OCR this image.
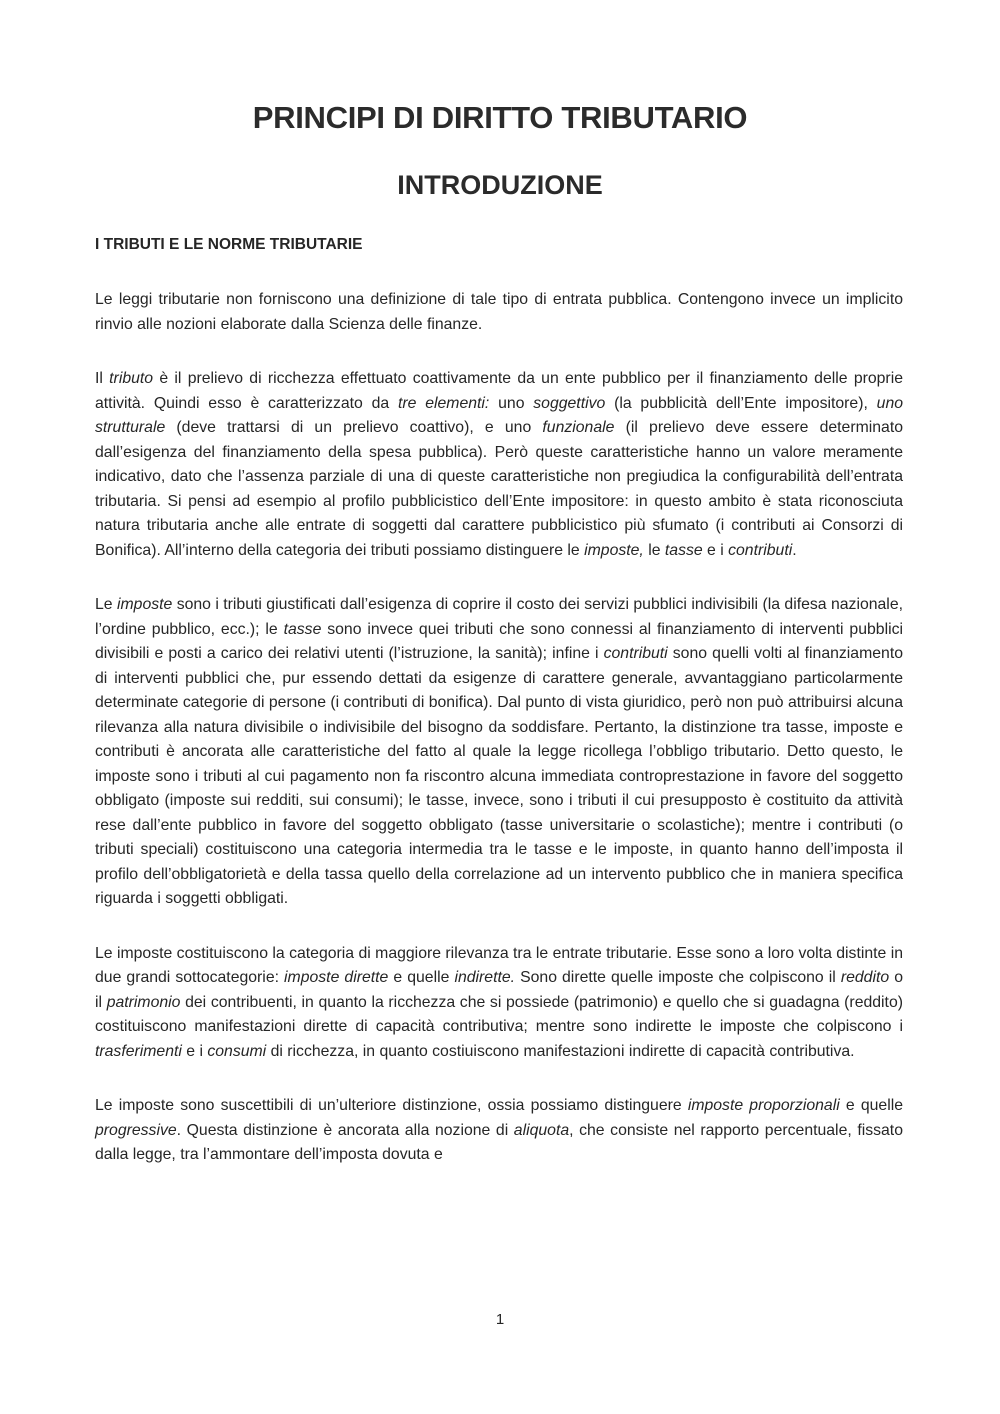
PRINCIPI DI DIRITTO TRIBUTARIO
INTRODUZIONE
I TRIBUTI E LE NORME TRIBUTARIE

Le leggi tributarie non forniscono una definizione di tale tipo di entrata pubblica. Contengono invece un implicito rinvio alle nozioni elaborate dalla Scienza delle finanze.

Il tributo è il prelievo di ricchezza effettuato coattivamente da un ente pubblico per il finanziamento delle proprie attività. Quindi esso è caratterizzato da tre elementi: uno soggettivo (la pubblicità dell’Ente impositore), uno strutturale (deve trattarsi di un prelievo coattivo), e uno funzionale (il prelievo deve essere determinato dall’esigenza del finanziamento della spesa pubblica). Però queste caratteristiche hanno un valore meramente indicativo, dato che l’assenza parziale di una di queste caratteristiche non pregiudica la configurabilità dell’entrata tributaria. Si pensi ad esempio al profilo pubblicistico dell’Ente impositore: in questo ambito è stata riconosciuta natura tributaria anche alle entrate di soggetti dal carattere pubblicistico più sfumato (i contributi ai Consorzi di Bonifica). All’interno della categoria dei tributi possiamo distinguere le imposte, le tasse e i contributi.

Le imposte sono i tributi giustificati dall’esigenza di coprire il costo dei servizi pubblici indivisibili (la difesa nazionale, l’ordine pubblico, ecc.); le tasse sono invece quei tributi che sono connessi al finanziamento di interventi pubblici divisibili e posti a carico dei relativi utenti (l’istruzione, la sanità); infine i contributi sono quelli volti al finanziamento di interventi pubblici che, pur essendo dettati da esigenze di carattere generale, avvantaggiano particolarmente determinate categorie di persone (i contributi di bonifica). Dal punto di vista giuridico, però non può attribuirsi alcuna rilevanza alla natura divisibile o indivisibile del bisogno da soddisfare. Pertanto, la distinzione tra tasse, imposte e contributi è ancorata alle caratteristiche del fatto al quale la legge ricollega l’obbligo tributario. Detto questo, le imposte sono i tributi al cui pagamento non fa riscontro alcuna immediata controprestazione in favore del soggetto obbligato (imposte sui redditi, sui consumi); le tasse, invece, sono i tributi il cui presupposto è costituito da attività rese dall’ente pubblico in favore del soggetto obbligato (tasse universitarie o scolastiche); mentre i contributi (o tributi speciali) costituiscono una categoria intermedia tra le tasse e le imposte, in quanto hanno dell’imposta il profilo dell’obbligatorietà e della tassa quello della correlazione ad un intervento pubblico che in maniera specifica riguarda i soggetti obbligati.

Le imposte costituiscono la categoria di maggiore rilevanza tra le entrate tributarie. Esse sono a loro volta distinte in due grandi sottocategorie: imposte dirette e quelle indirette. Sono dirette quelle imposte che colpiscono il reddito o il patrimonio dei contribuenti, in quanto la ricchezza che si possiede (patrimonio) e quello che si guadagna (reddito) costituiscono manifestazioni dirette di capacità contributiva; mentre sono indirette le imposte che colpiscono i trasferimenti e i consumi di ricchezza, in quanto costiuiscono manifestazioni indirette di capacità contributiva.

Le imposte sono suscettibili di un’ulteriore distinzione, ossia possiamo distinguere imposte proporzionali e quelle progressive. Questa distinzione è ancorata alla nozione di aliquota, che consiste nel rapporto percentuale, fissato dalla legge, tra l’ammontare dell’imposta dovuta e

1
